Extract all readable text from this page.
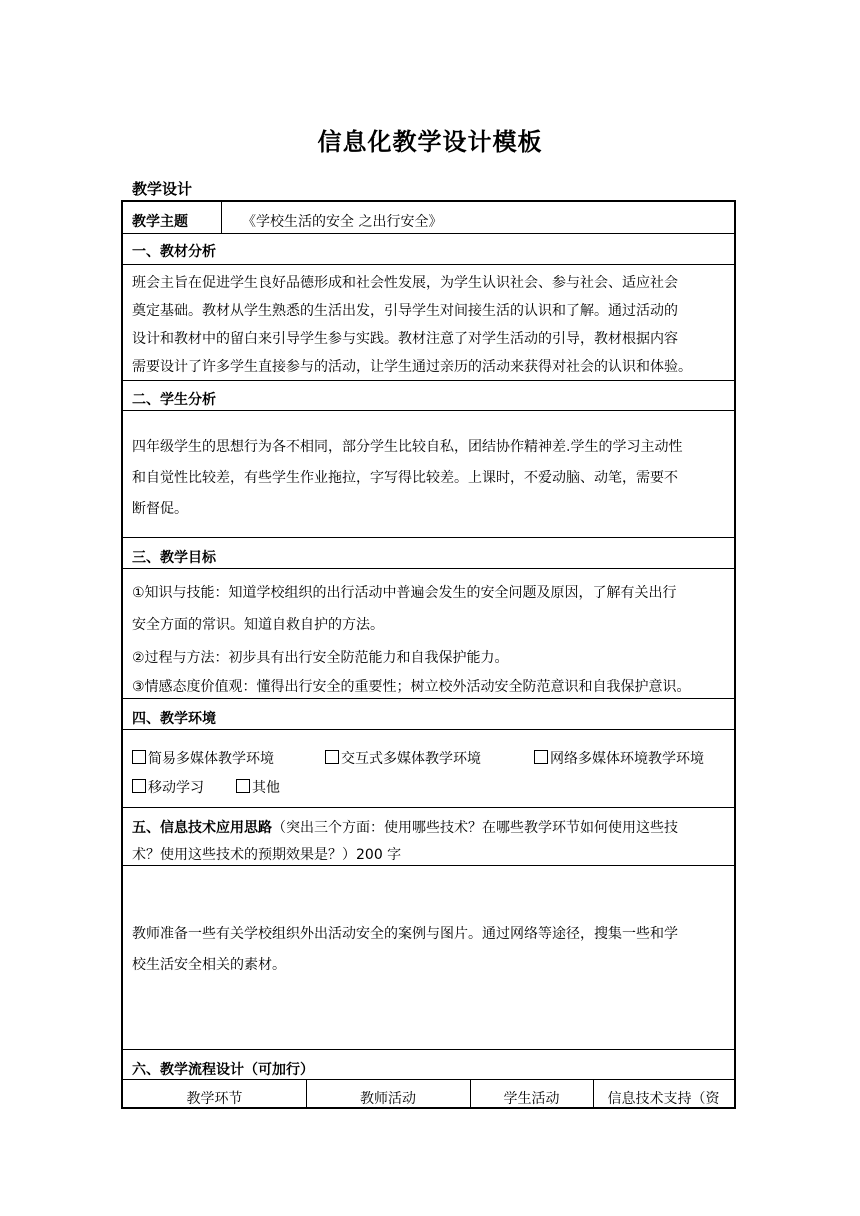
信息化教学设计模板
教学设计
教学主题	《学校生活的安全 之出行安全》
一、教材分析
班会主旨在促进学生良好品德形成和社会性发展，为学生认识社会、参与社会、适应社会
奠定基础。教材从学生熟悉的生活出发，引导学生对间接生活的认识和了解。通过活动的
设计和教材中的留白来引导学生参与实践。教材注意了对学生活动的引导，教材根据内容
需要设计了许多学生直接参与的活动，让学生通过亲历的活动来获得对社会的认识和体验。
二、学生分析
四年级学生的思想行为各不相同，部分学生比较自私，团结协作精神差.学生的学习主动性
和自觉性比较差，有些学生作业拖拉，字写得比较差。上课时，不爱动脑、动笔，需要不
断督促。
三、教学目标
①知识与技能：知道学校组织的出行活动中普遍会发生的安全问题及原因，了解有关出行
安全方面的常识。知道自救自护的方法。
②过程与方法：初步具有出行安全防范能力和自我保护能力。
③情感态度价值观：懂得出行安全的重要性；树立校外活动安全防范意识和自我保护意识。
四、教学环境
简易多媒体教学环境	交互式多媒体教学环境	网络多媒体环境教学环境
移动学习	其他
五、信息技术应用思路（突出三个方面：使用哪些技术？在哪些教学环节如何使用这些技
术？使用这些技术的预期效果是？）200 字
教师准备一些有关学校组织外出活动安全的案例与图片。通过网络等途径，搜集一些和学
校生活安全相关的素材。
六、教学流程设计（可加行）
教学环节	教师活动	学生活动	信息技术支持（资
